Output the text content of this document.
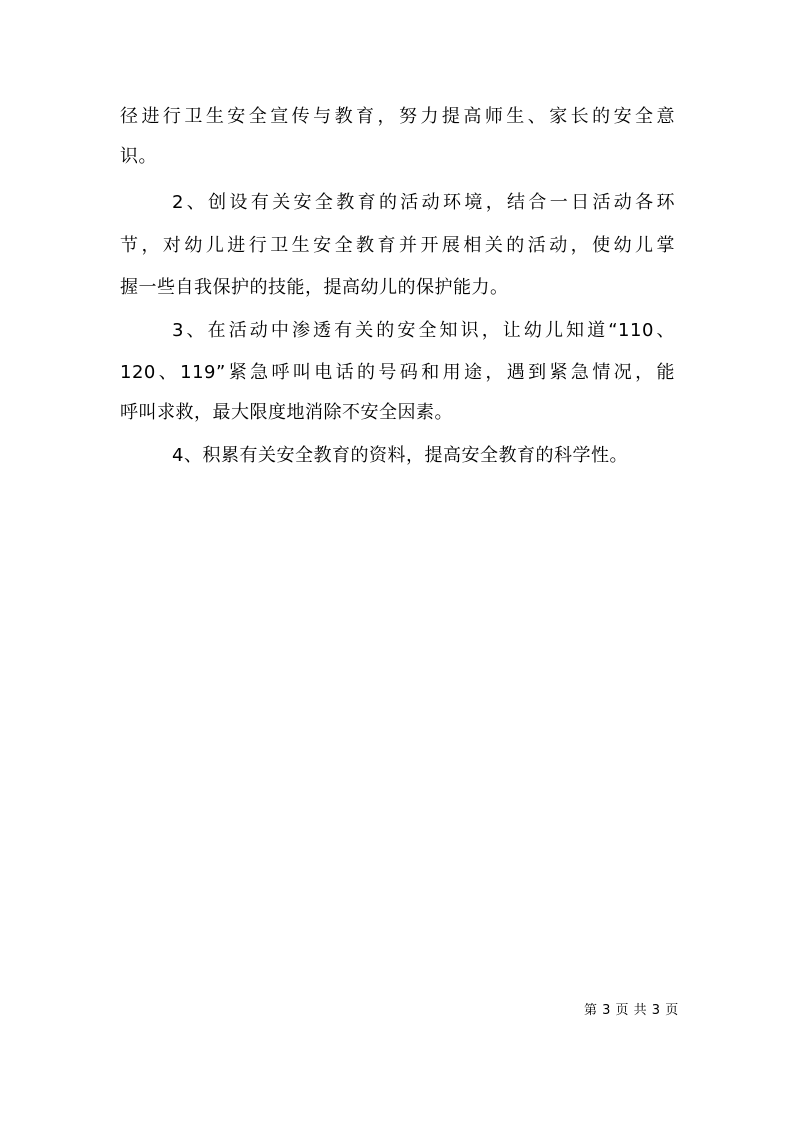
径进行卫生安全宣传与教育，努力提高师生、家长的安全意
识。
2、创设有关安全教育的活动环境，结合一日活动各环
节，对幼儿进行卫生安全教育并开展相关的活动，使幼儿掌
握一些自我保护的技能，提高幼儿的保护能力。
3、在活动中渗透有关的安全知识，让幼儿知道“110、
120、119”紧急呼叫电话的号码和用途，遇到紧急情况，能
呼叫求救，最大限度地消除不安全因素。
4、积累有关安全教育的资料，提高安全教育的科学性。
第 3 页 共 3 页
